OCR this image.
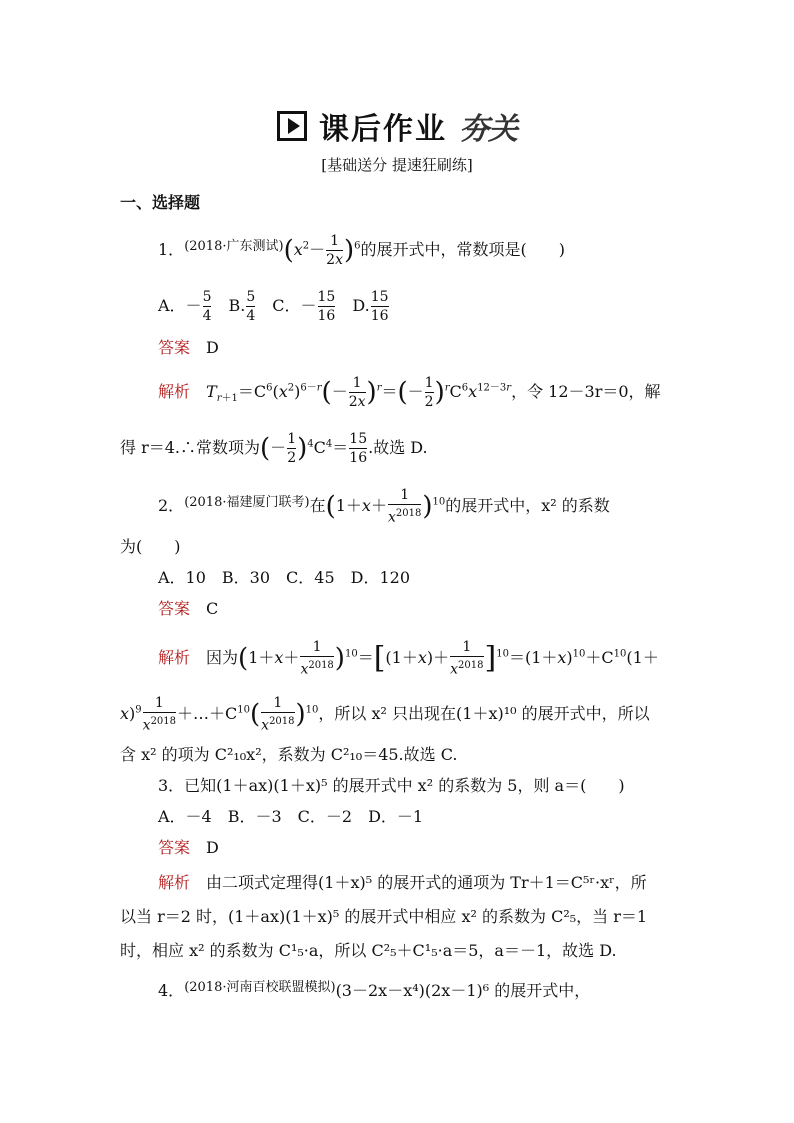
课后作业 夯关
[基础送分 提速狂刷练]
一、选择题
1．$^{(2018\cdot 广东测试)}(x^2- \frac{1}{2x} )^6$的展开式中，常数项是(　　)
A．－ $\frac{5}{4}$ 　B. $\frac{5}{4}$ 　C．－ $\frac{15}{16}$ 　D. $\frac{15}{16}$
答案　 D
解析　 $T_{r+1}=C^6(x^2)^{6-r}(- \frac{1}{2x} )^r=(- \frac{1}{2} )^rC^6x^{12-3r}$，令 12－3r＝0，解
得 r＝4.∴常数项为(－ $\frac{1}{2} )^4C^4= \frac{15}{16}$ .故选 D.
2．$^{(2018\cdot 福建厦门联考)}$在$(1+x+ \frac{1}{x^{2018}} )^{10}$的展开式中，x² 的系数
为(　　)
A．10　B．30　C．45　D．120
答案　 C
解析　 因为$(1+x+ \frac{1}{x^{2018}} )^{10}=[(1+x)+ \frac{1}{x^{2018}} ]^{10}=(1+x)^{10}+C^{10}(1+$
$x)^9 \frac{1}{x^{2018}}$ $+\dots+C^{10}( \frac{1}{x^{2018}} )^{10}$，所以 x² 只出现在(1＋x)¹⁰ 的展开式中，所以
含 x² 的项为 C²₁₀x²，系数为 C²₁₀＝45.故选 C.
3．已知(1＋ax)(1＋x)⁵ 的展开式中 x² 的系数为 5，则 a＝(　　)
A．－4　B．－3　C．－2　D．－1
答案　 D
解析　 由二项式定理得(1＋x)⁵ 的展开式的通项为 Tr＋1＝C⁵ʳ·xʳ，所
以当 r＝2 时，(1＋ax)(1＋x)⁵ 的展开式中相应 x² 的系数为 C²₅，当 r＝1
时，相应 x² 的系数为 C¹₅·a，所以 C²₅＋C¹₅·a＝5，a＝－1，故选 D.
4．$^{(2018\cdot 河南百校联盟模拟)}$(3－2x－x⁴)(2x－1)⁶ 的展开式中，
